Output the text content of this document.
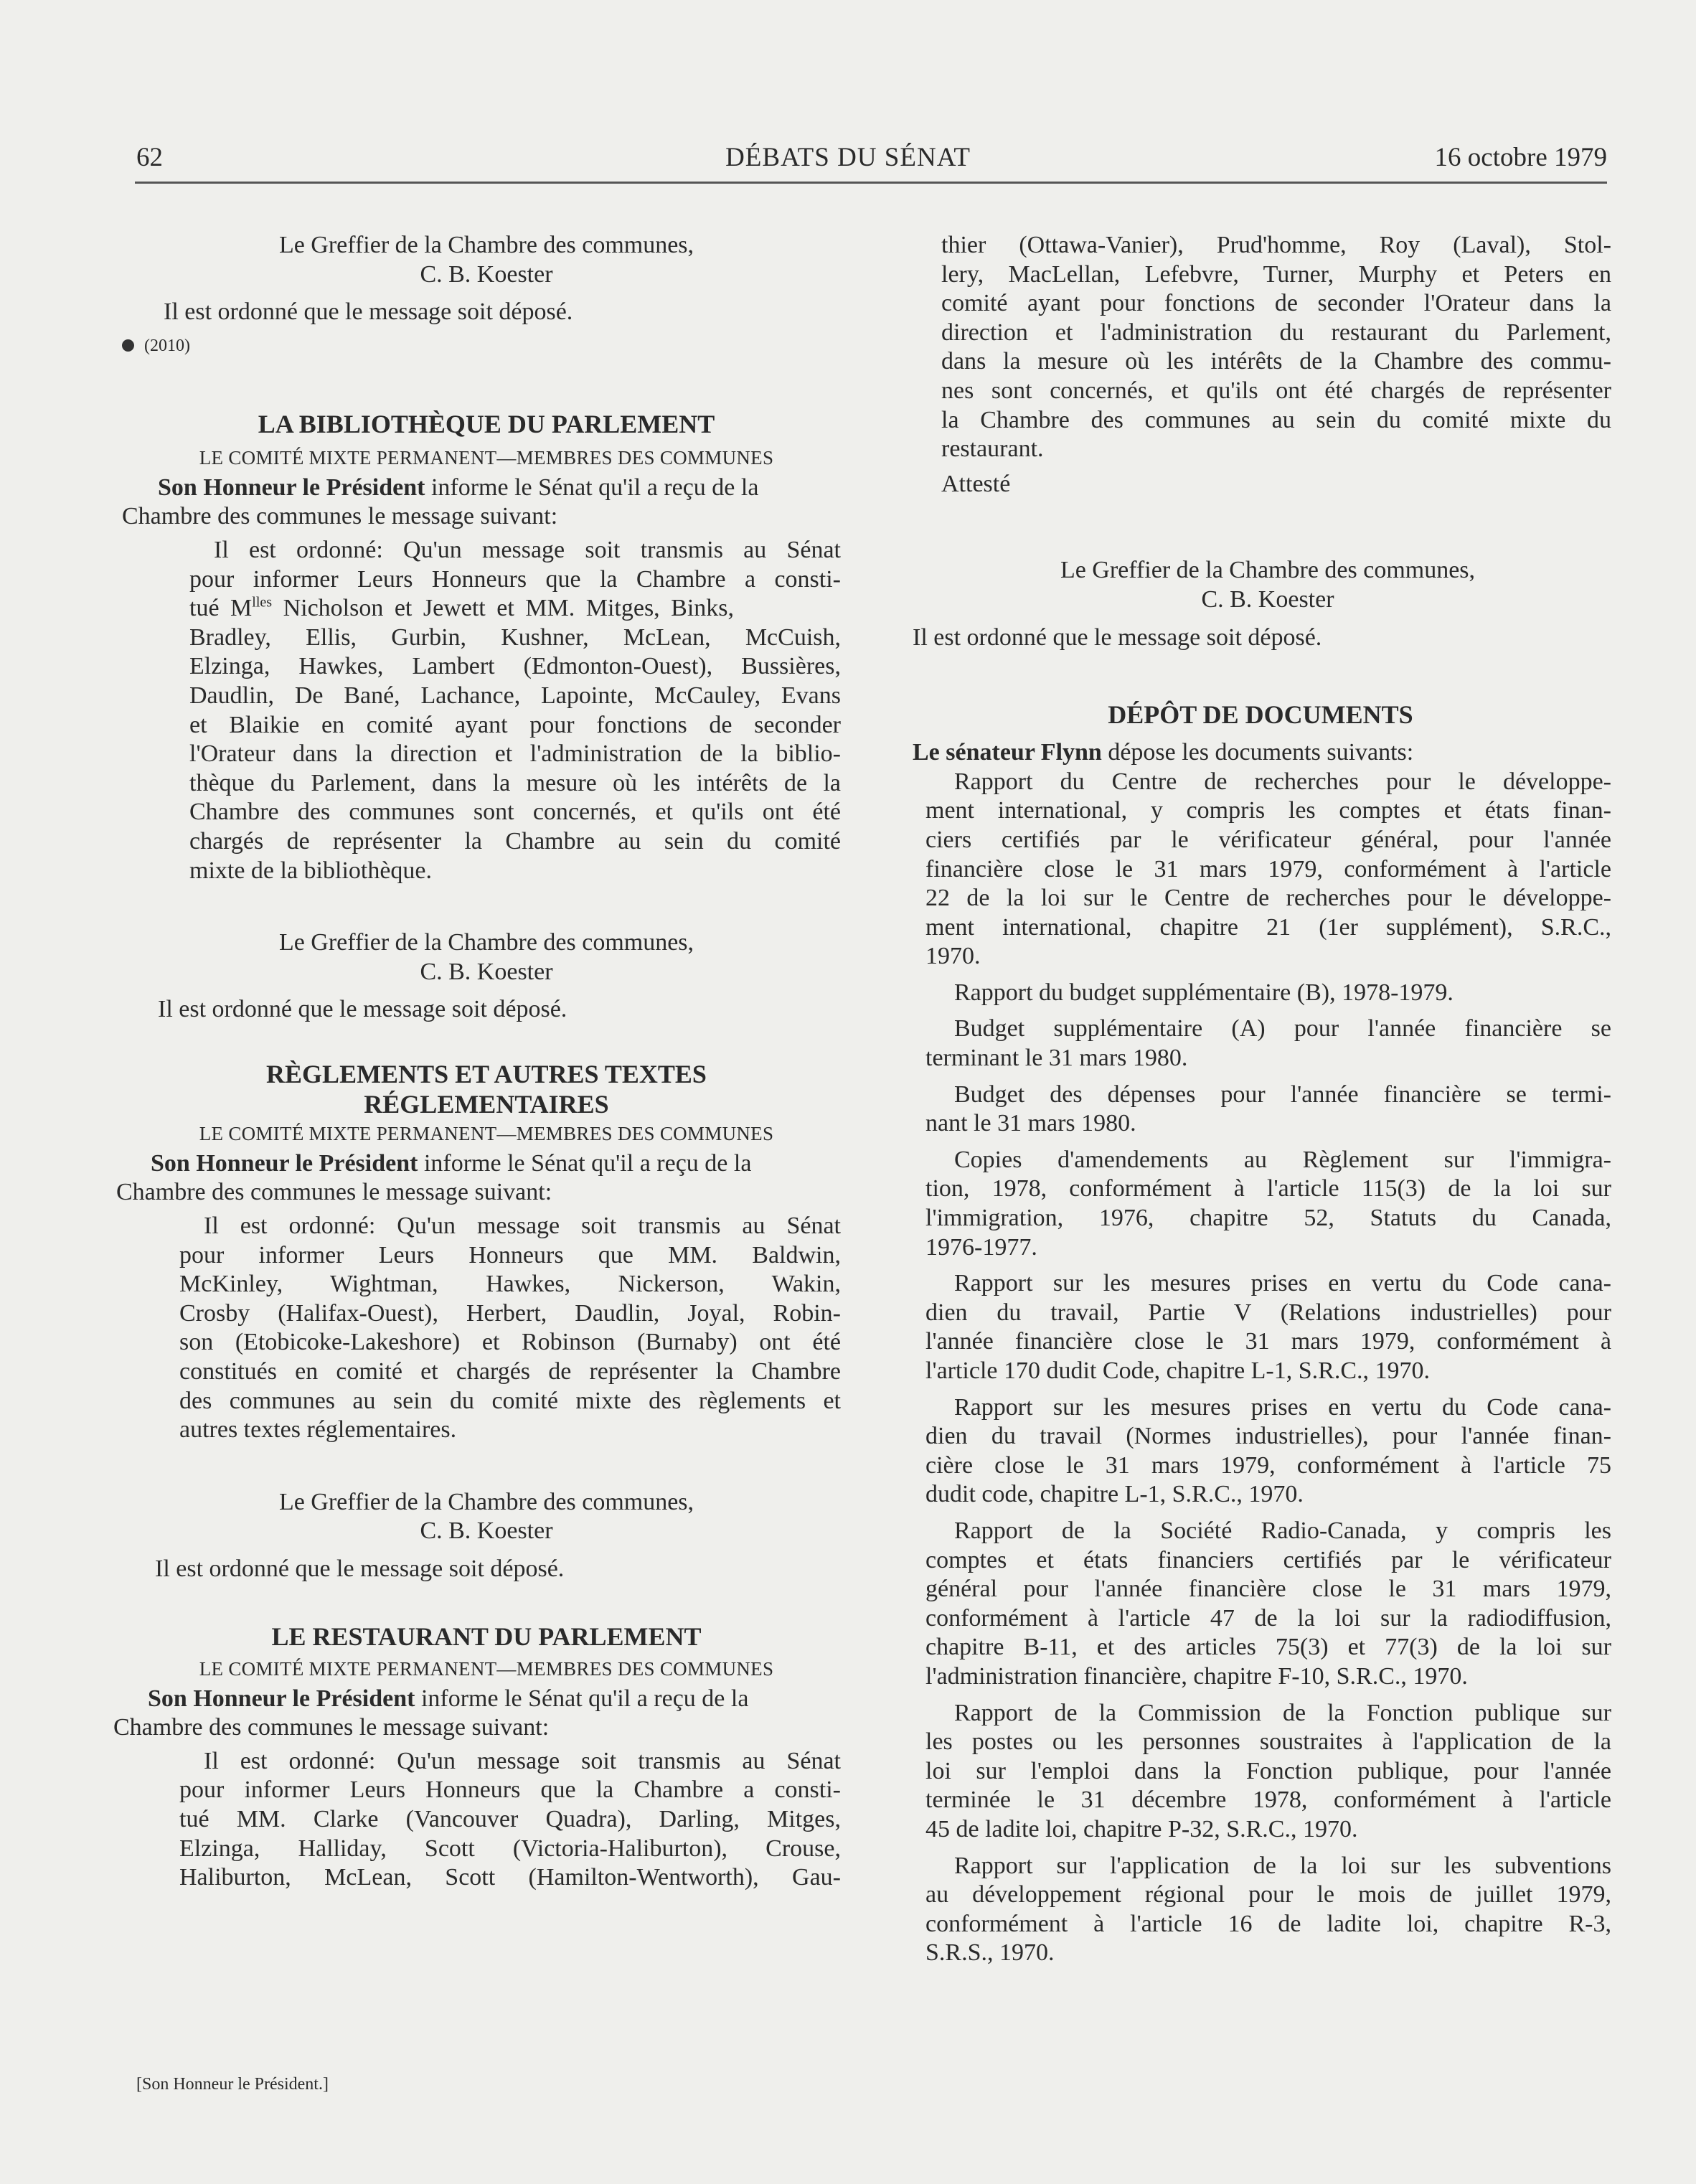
62	DÉBATS DU SÉNAT	16 octobre 1979

Le Greffier de la Chambre des communes,

C. B. Koester

Il est ordonné que le message soit déposé.

(2010)

LA BIBLIOTHÈQUE DU PARLEMENT

LE COMITÉ MIXTE PERMANENT—MEMBRES DES COMMUNES

Son Honneur le Président informe le Sénat qu'il a reçu de la

Chambre des communes le message suivant:

Il est ordonné: Qu'un message soit transmis au Sénat

pour informer Leurs Honneurs que la Chambre a consti-

tué $M^{lles}$ Nicholson et Jewett et MM. Mitges, Binks,

Bradley, Ellis, Gurbin, Kushner, McLean, McCuish,

Elzinga, Hawkes, Lambert (Edmonton-Ouest), Bussières,

Daudlin, De Bané, Lachance, Lapointe, McCauley, Evans

et Blaikie en comité ayant pour fonctions de seconder

l'Orateur dans la direction et l'administration de la biblio-

thèque du Parlement, dans la mesure où les intérêts de la

Chambre des communes sont concernés, et qu'ils ont été

chargés de représenter la Chambre au sein du comité

mixte de la bibliothèque.

Le Greffier de la Chambre des communes,

C. B. Koester

Il est ordonné que le message soit déposé.

RÈGLEMENTS ET AUTRES TEXTES

RÉGLEMENTAIRES

LE COMITÉ MIXTE PERMANENT—MEMBRES DES COMMUNES

Son Honneur le Président informe le Sénat qu'il a reçu de la

Chambre des communes le message suivant:

Il est ordonné: Qu'un message soit transmis au Sénat

pour informer Leurs Honneurs que MM. Baldwin,

McKinley, Wightman, Hawkes, Nickerson, Wakin,

Crosby (Halifax-Ouest), Herbert, Daudlin, Joyal, Robin-

son (Etobicoke-Lakeshore) et Robinson (Burnaby) ont été

constitués en comité et chargés de représenter la Chambre

des communes au sein du comité mixte des règlements et

autres textes réglementaires.

Le Greffier de la Chambre des communes,

C. B. Koester

Il est ordonné que le message soit déposé.

LE RESTAURANT DU PARLEMENT

LE COMITÉ MIXTE PERMANENT—MEMBRES DES COMMUNES

Son Honneur le Président informe le Sénat qu'il a reçu de la

Chambre des communes le message suivant:

Il est ordonné: Qu'un message soit transmis au Sénat

pour informer Leurs Honneurs que la Chambre a consti-

tué MM. Clarke (Vancouver Quadra), Darling, Mitges,

Elzinga, Halliday, Scott (Victoria-Haliburton), Crouse,

Haliburton, McLean, Scott (Hamilton-Wentworth), Gau-

[Son Honneur le Président.]

thier (Ottawa-Vanier), Prud'homme, Roy (Laval), Stol-

lery, MacLellan, Lefebvre, Turner, Murphy et Peters en

comité ayant pour fonctions de seconder l'Orateur dans la

direction et l'administration du restaurant du Parlement,

dans la mesure où les intérêts de la Chambre des commu-

nes sont concernés, et qu'ils ont été chargés de représenter

la Chambre des communes au sein du comité mixte du

restaurant.

Attesté

Le Greffier de la Chambre des communes,

C. B. Koester

Il est ordonné que le message soit déposé.

DÉPÔT DE DOCUMENTS

Le sénateur Flynn dépose les documents suivants:

Rapport du Centre de recherches pour le développe-

ment international, y compris les comptes et états finan-

ciers certifiés par le vérificateur général, pour l'année

financière close le 31 mars 1979, conformément à l'article

22 de la loi sur le Centre de recherches pour le développe-

ment international, chapitre 21 (1er supplément), S.R.C.,

1970.

Rapport du budget supplémentaire (B), 1978-1979.

Budget supplémentaire (A) pour l'année financière se

terminant le 31 mars 1980.

Budget des dépenses pour l'année financière se termi-

nant le 31 mars 1980.

Copies d'amendements au Règlement sur l'immigra-

tion, 1978, conformément à l'article 115(3) de la loi sur

l'immigration, 1976, chapitre 52, Statuts du Canada,

1976-1977.

Rapport sur les mesures prises en vertu du Code cana-

dien du travail, Partie V (Relations industrielles) pour

l'année financière close le 31 mars 1979, conformément à

l'article 170 dudit Code, chapitre L-1, S.R.C., 1970.

Rapport sur les mesures prises en vertu du Code cana-

dien du travail (Normes industrielles), pour l'année finan-

cière close le 31 mars 1979, conformément à l'article 75

dudit code, chapitre L-1, S.R.C., 1970.

Rapport de la Société Radio-Canada, y compris les

comptes et états financiers certifiés par le vérificateur

général pour l'année financière close le 31 mars 1979,

conformément à l'article 47 de la loi sur la radiodiffusion,

chapitre B-11, et des articles 75(3) et 77(3) de la loi sur

l'administration financière, chapitre F-10, S.R.C., 1970.

Rapport de la Commission de la Fonction publique sur

les postes ou les personnes soustraites à l'application de la

loi sur l'emploi dans la Fonction publique, pour l'année

terminée le 31 décembre 1978, conformément à l'article

45 de ladite loi, chapitre P-32, S.R.C., 1970.

Rapport sur l'application de la loi sur les subventions

au développement régional pour le mois de juillet 1979,

conformément à l'article 16 de ladite loi, chapitre R-3,

S.R.S., 1970.
